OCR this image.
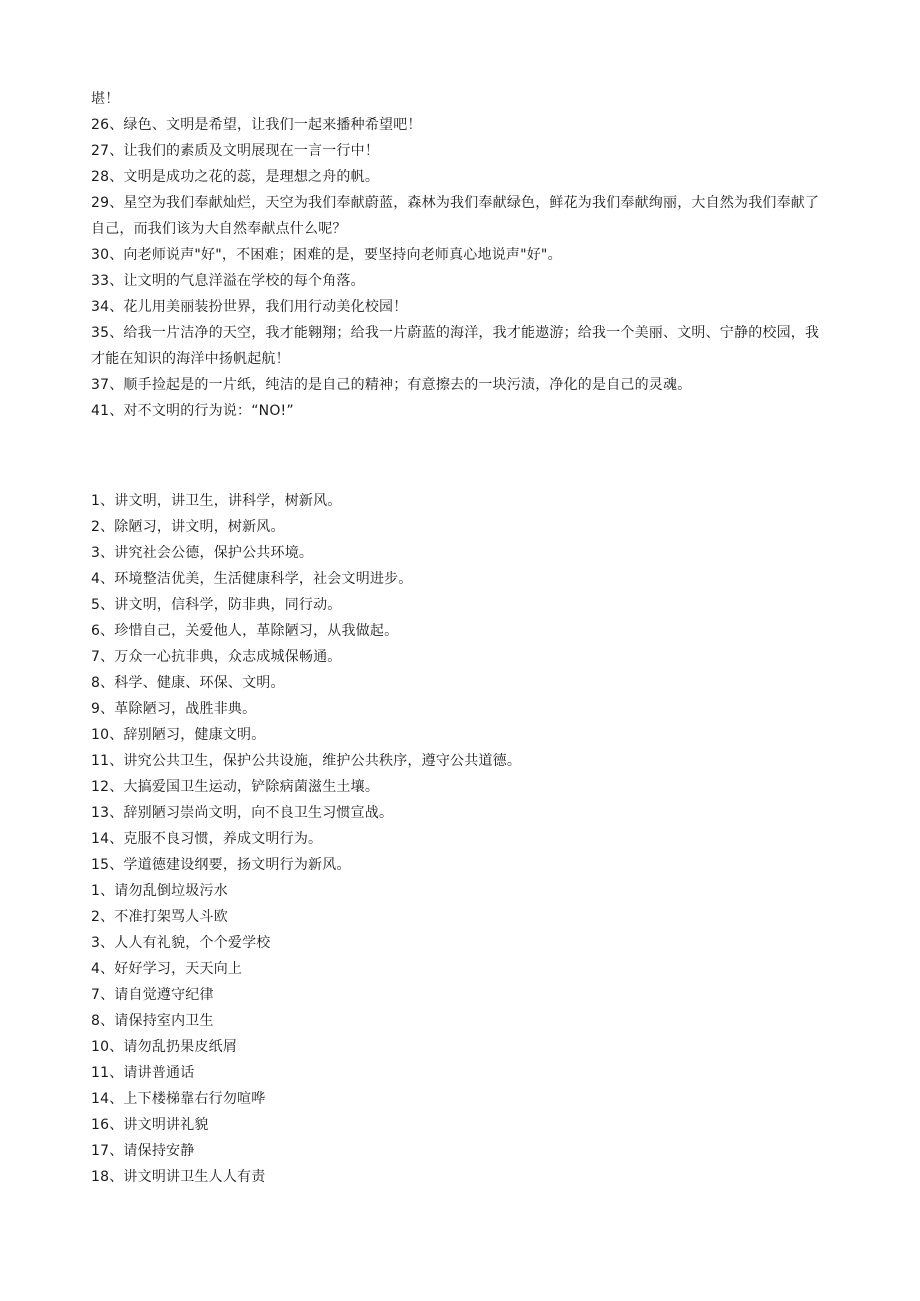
堪！
26、绿色、文明是希望，让我们一起来播种希望吧！
27、让我们的素质及文明展现在一言一行中！
28、文明是成功之花的蕊，是理想之舟的帆。
29、星空为我们奉献灿烂，天空为我们奉献蔚蓝，森林为我们奉献绿色，鲜花为我们奉献绚丽，大自然为我们奉献了自己，而我们该为大自然奉献点什么呢？
30、向老师说声"好"，不困难；困难的是，要坚持向老师真心地说声"好"。
33、让文明的气息洋溢在学校的每个角落。
34、花儿用美丽装扮世界，我们用行动美化校园！
35、给我一片洁净的天空，我才能翱翔；给我一片蔚蓝的海洋，我才能遨游；给我一个美丽、文明、宁静的校园，我才能在知识的海洋中扬帆起航！
37、顺手捡起是的一片纸，纯洁的是自己的精神；有意擦去的一块污渍，净化的是自己的灵魂。
41、对不文明的行为说：“NO!”
1、讲文明，讲卫生，讲科学，树新风。
2、除陋习，讲文明，树新风。
3、讲究社会公德，保护公共环境。
4、环境整洁优美，生活健康科学，社会文明进步。
5、讲文明，信科学，防非典，同行动。
6、珍惜自己，关爱他人，革除陋习，从我做起。
7、万众一心抗非典，众志成城保畅通。
8、科学、健康、环保、文明。
9、革除陋习，战胜非典。
10、辞别陋习，健康文明。
11、讲究公共卫生，保护公共设施，维护公共秩序，遵守公共道德。
12、大搞爱国卫生运动，铲除病菌滋生土壤。
13、辞别陋习崇尚文明，向不良卫生习惯宣战。
14、克服不良习惯，养成文明行为。
15、学道德建设纲要，扬文明行为新风。
1、请勿乱倒垃圾污水
2、不准打架骂人斗欧
3、人人有礼貌，个个爱学校
4、好好学习，天天向上
7、请自觉遵守纪律
8、请保持室内卫生
10、请勿乱扔果皮纸屑
11、请讲普通话
14、上下楼梯靠右行勿喧哗
16、讲文明讲礼貌
17、请保持安静
18、讲文明讲卫生人人有责
